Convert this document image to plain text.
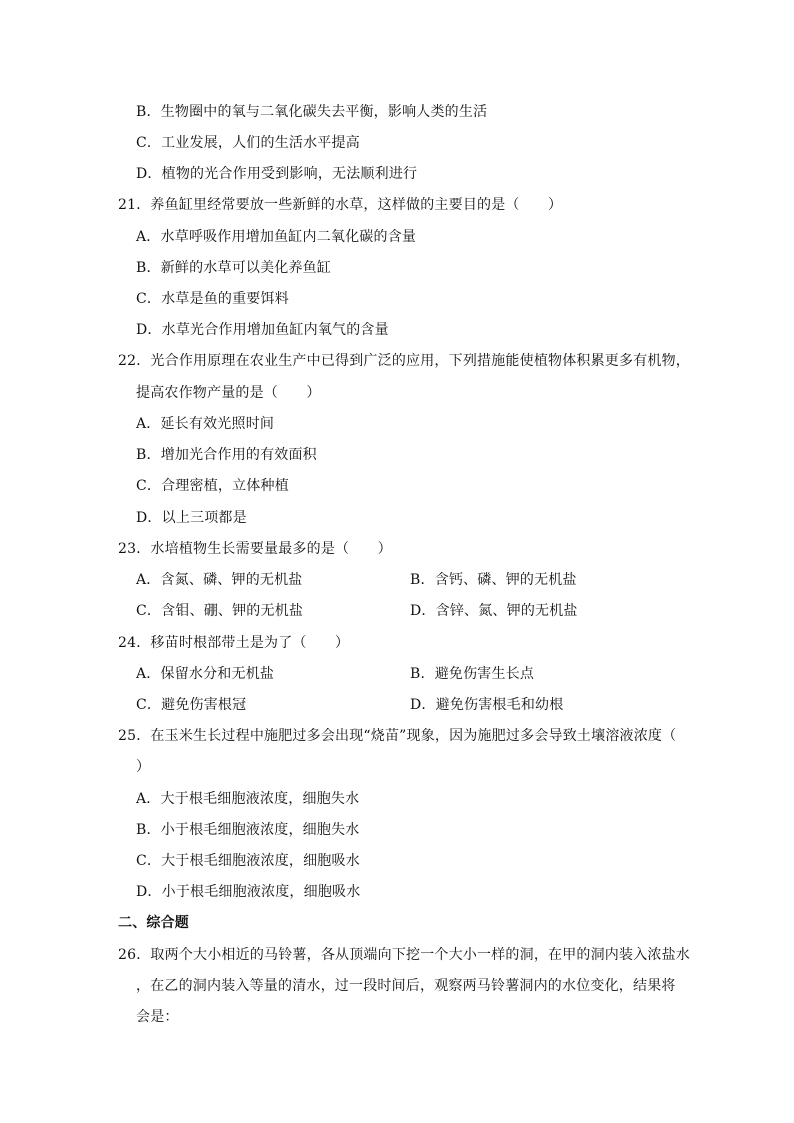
B．生物圈中的氧与二氧化碳失去平衡，影响人类的生活
C．工业发展，人们的生活水平提高
D．植物的光合作用受到影响，无法顺利进行
21．养鱼缸里经常要放一些新鲜的水草，这样做的主要目的是（　　）
A．水草呼吸作用增加鱼缸内二氧化碳的含量
B．新鲜的水草可以美化养鱼缸
C．水草是鱼的重要饵料
D．水草光合作用增加鱼缸内氧气的含量
22．光合作用原理在农业生产中已得到广泛的应用，下列措施能使植物体积累更多有机物，
提高农作物产量的是（　　）
A．延长有效光照时间
B．增加光合作用的有效面积
C．合理密植，立体种植
D．以上三项都是
23．水培植物生长需要量最多的是（　　）
A．含氮、磷、钾的无机盐	B．含钙、磷、钾的无机盐
C．含钼、硼、钾的无机盐	D．含锌、氮、钾的无机盐
24．移苗时根部带土是为了（　　）
A．保留水分和无机盐	B．避免伤害生长点
C．避免伤害根冠	D．避免伤害根毛和幼根
25．在玉米生长过程中施肥过多会出现“烧苗”现象，因为施肥过多会导致土壤溶液浓度（
）
A．大于根毛细胞液浓度，细胞失水
B．小于根毛细胞液浓度，细胞失水
C．大于根毛细胞液浓度，细胞吸水
D．小于根毛细胞液浓度，细胞吸水
二、综合题
26．取两个大小相近的马铃薯，各从顶端向下挖一个大小一样的洞，在甲的洞内装入浓盐水
，在乙的洞内装入等量的清水，过一段时间后，观察两马铃薯洞内的水位变化，结果将
会是：
